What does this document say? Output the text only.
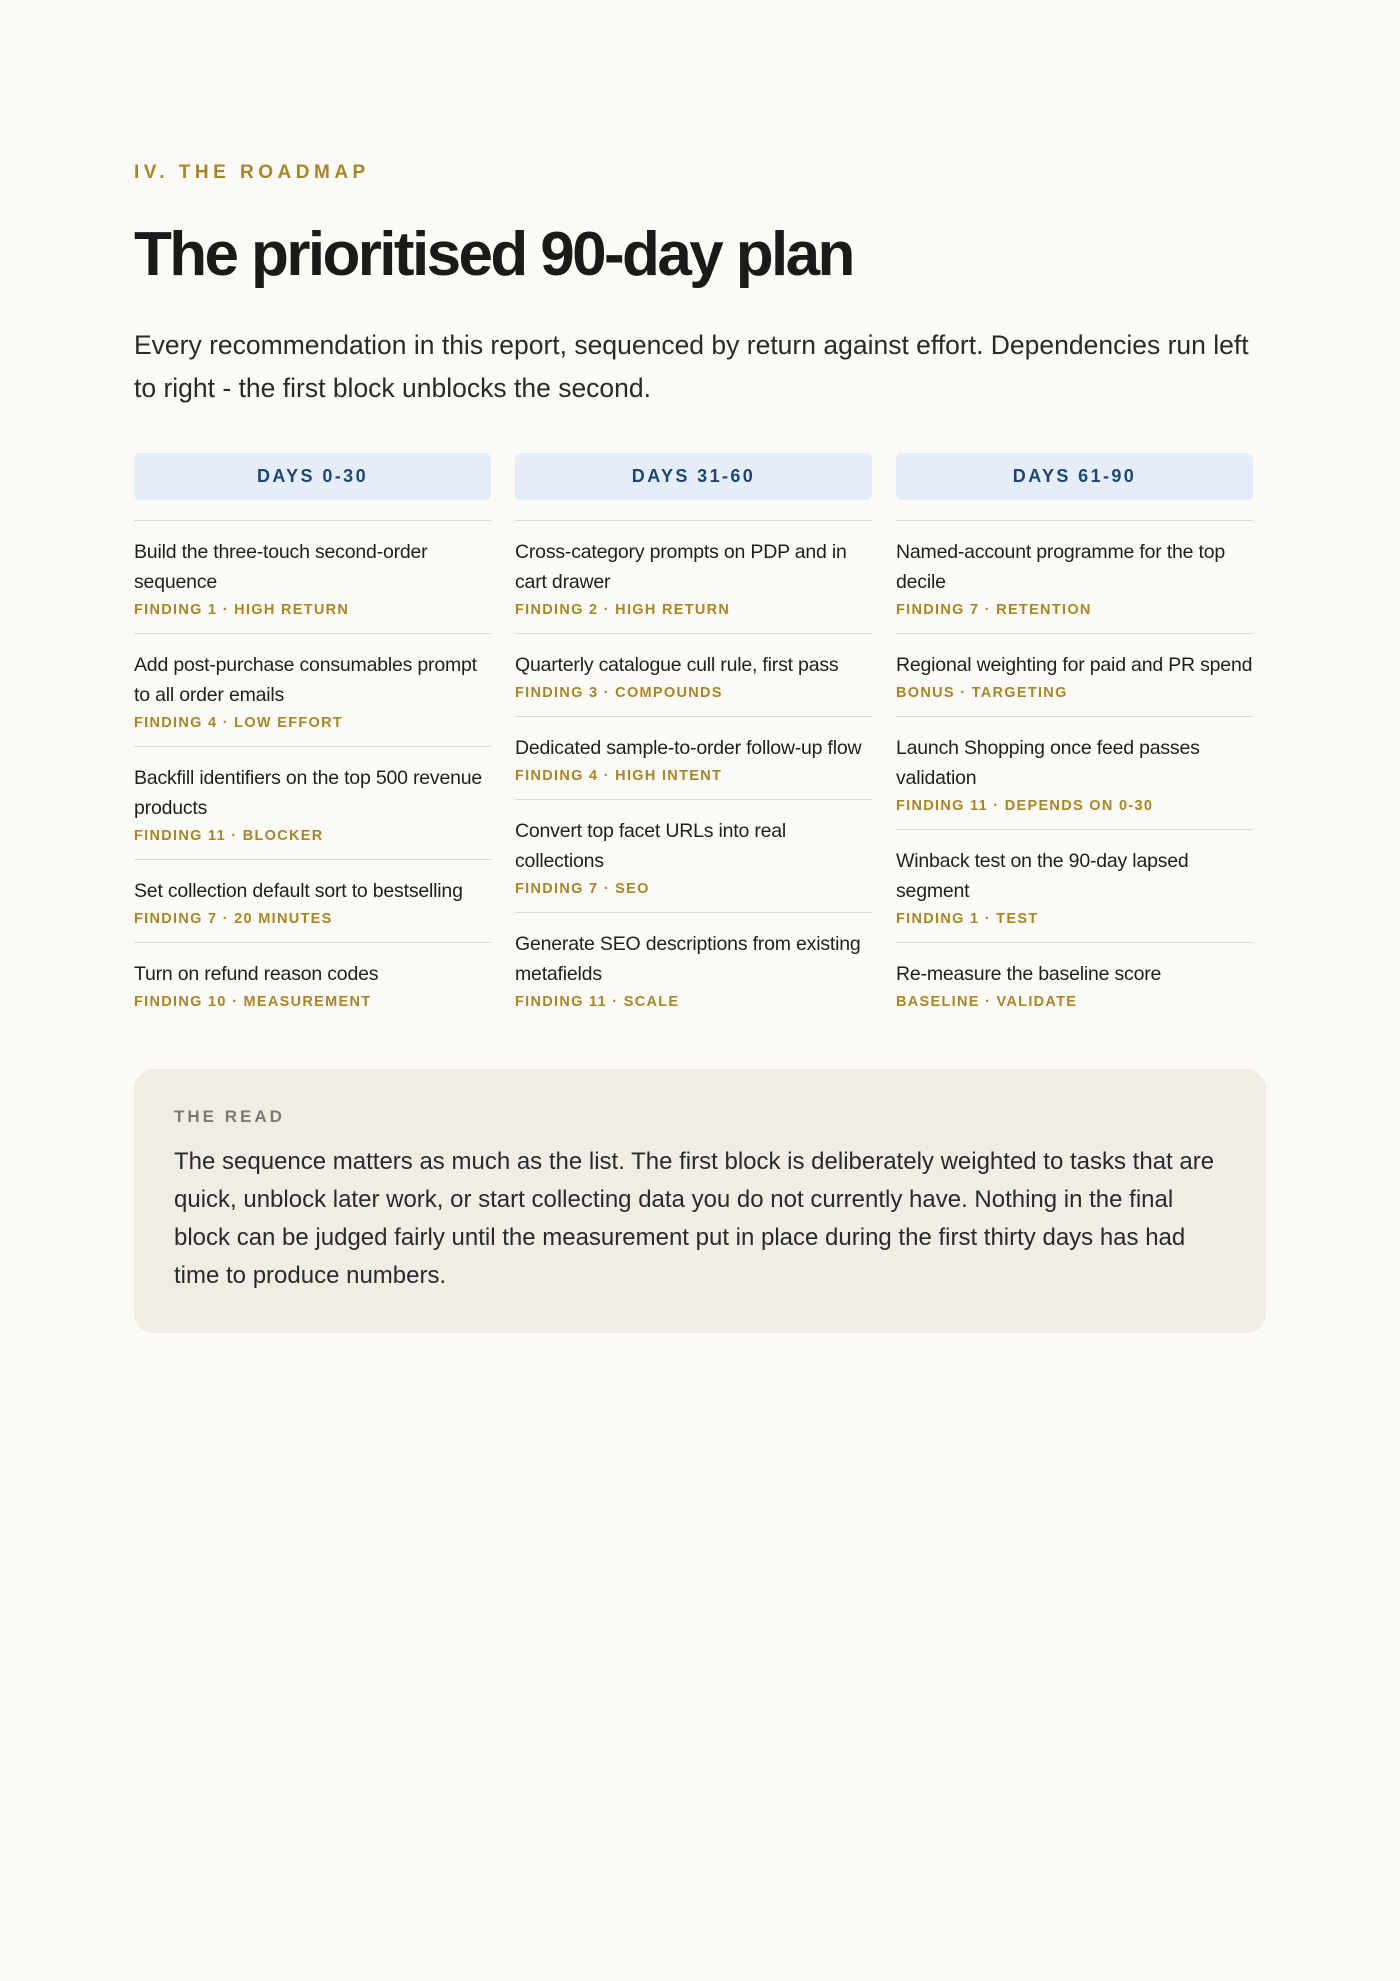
IV. THE ROADMAP

The prioritised 90-day plan

Every recommendation in this report, sequenced by return against effort. Dependencies run left to right - the first block unblocks the second.

DAYS 0-30
Build the three-touch second-order sequence
FINDING 1 · HIGH RETURN
Add post-purchase consumables prompt to all order emails
FINDING 4 · LOW EFFORT
Backfill identifiers on the top 500 revenue products
FINDING 11 · BLOCKER
Set collection default sort to bestselling
FINDING 7 · 20 MINUTES
Turn on refund reason codes
FINDING 10 · MEASUREMENT
DAYS 31-60
Cross-category prompts on PDP and in cart drawer
FINDING 2 · HIGH RETURN
Quarterly catalogue cull rule, first pass
FINDING 3 · COMPOUNDS
Dedicated sample-to-order follow-up flow
FINDING 4 · HIGH INTENT
Convert top facet URLs into real collections
FINDING 7 · SEO
Generate SEO descriptions from existing metafields
FINDING 11 · SCALE
DAYS 61-90
Named-account programme for the top decile
FINDING 7 · RETENTION
Regional weighting for paid and PR spend
BONUS · TARGETING
Launch Shopping once feed passes validation
FINDING 11 · DEPENDS ON 0-30
Winback test on the 90-day lapsed segment
FINDING 1 · TEST
Re-measure the baseline score
BASELINE · VALIDATE
THE READ
The sequence matters as much as the list. The first block is deliberately weighted to tasks that are quick, unblock later work, or start collecting data you do not currently have. Nothing in the final block can be judged fairly until the measurement put in place during the first thirty days has had time to produce numbers.
